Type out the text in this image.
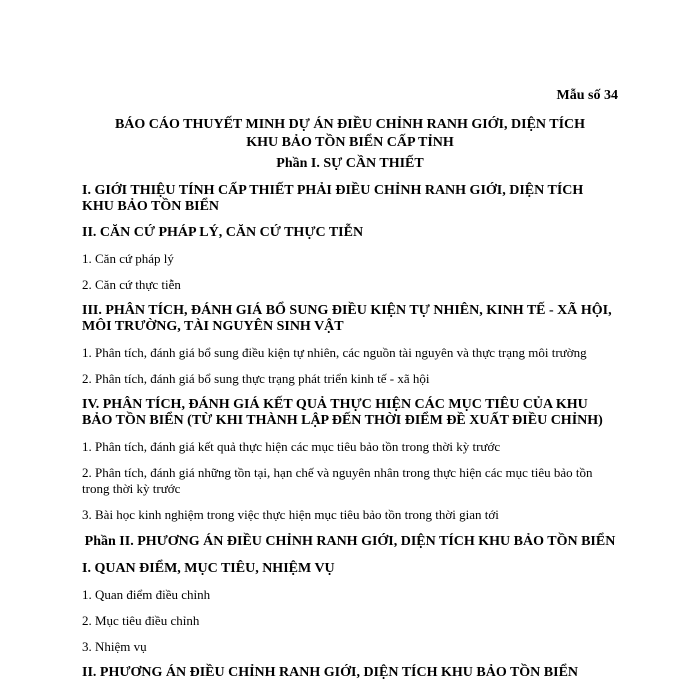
Mẫu số 34
BÁO CÁO THUYẾT MINH DỰ ÁN ĐIỀU CHỈNH RANH GIỚI, DIỆN TÍCH
KHU BẢO TỒN BIỂN CẤP TỈNH

Phần I. SỰ CẦN THIẾT

I. GIỚI THIỆU TÍNH CẤP THIẾT PHẢI ĐIỀU CHỈNH RANH GIỚI, DIỆN TÍCH KHU BẢO TỒN BIỂN

II. CĂN CỨ PHÁP LÝ, CĂN CỨ THỰC TIỄN

1. Căn cứ pháp lý

2. Căn cứ thực tiễn

III. PHÂN TÍCH, ĐÁNH GIÁ BỔ SUNG ĐIỀU KIỆN TỰ NHIÊN, KINH TẾ - XÃ HỘI, MÔI TRƯỜNG, TÀI NGUYÊN SINH VẬT

1. Phân tích, đánh giá bổ sung điều kiện tự nhiên, các nguồn tài nguyên và thực trạng môi trường

2. Phân tích, đánh giá bổ sung thực trạng phát triển kinh tế - xã hội

IV. PHÂN TÍCH, ĐÁNH GIÁ KẾT QUẢ THỰC HIỆN CÁC MỤC TIÊU CỦA KHU BẢO TỒN BIỂN (TỪ KHI THÀNH LẬP ĐẾN THỜI ĐIỂM ĐỀ XUẤT ĐIỀU CHỈNH)

1. Phân tích, đánh giá kết quả thực hiện các mục tiêu bảo tồn trong thời kỳ trước

2. Phân tích, đánh giá những tồn tại, hạn chế và nguyên nhân trong thực hiện các mục tiêu bảo tồn trong thời kỳ trước

3. Bài học kinh nghiệm trong việc thực hiện mục tiêu bảo tồn trong thời gian tới

Phần II. PHƯƠNG ÁN ĐIỀU CHỈNH RANH GIỚI, DIỆN TÍCH KHU BẢO TỒN BIỂN

I. QUAN ĐIỂM, MỤC TIÊU, NHIỆM VỤ

1. Quan điểm điều chỉnh

2. Mục tiêu điều chỉnh

3. Nhiệm vụ

II. PHƯƠNG ÁN ĐIỀU CHỈNH RANH GIỚI, DIỆN TÍCH KHU BẢO TỒN BIỂN
